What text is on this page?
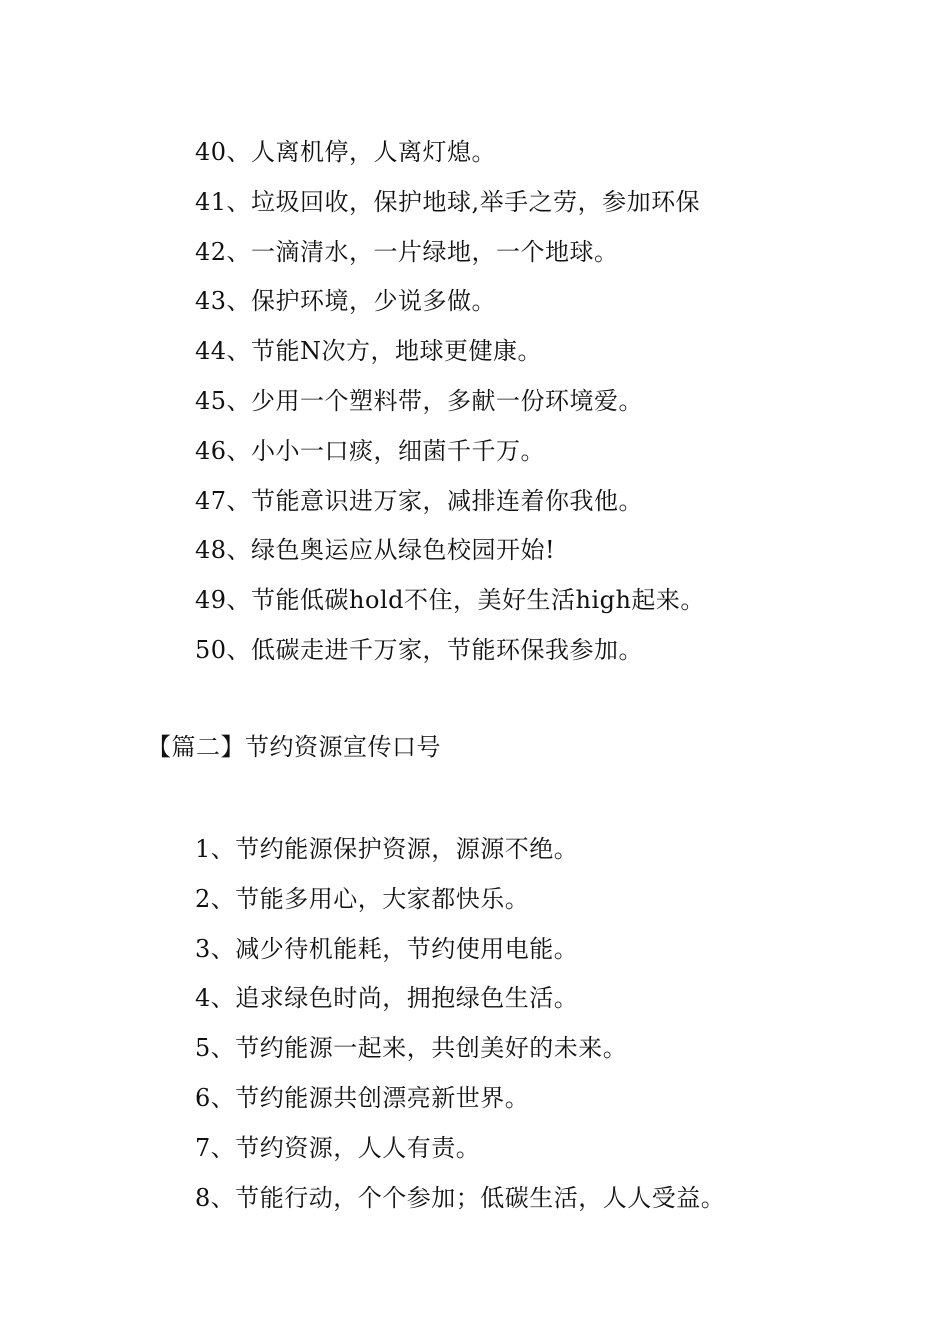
40、人离机停，人离灯熄。
41、垃圾回收，保护地球,举手之劳，参加环保
42、一滴清水，一片绿地，一个地球。
43、保护环境，少说多做。
44、节能N次方，地球更健康。
45、少用一个塑料带，多献一份环境爱。
46、小小一口痰，细菌千千万。
47、节能意识进万家，减排连着你我他。
48、绿色奥运应从绿色校园开始!
49、节能低碳hold不住，美好生活high起来。
50、低碳走进千万家，节能环保我参加。
【篇二】节约资源宣传口号
1、节约能源保护资源，源源不绝。
2、节能多用心，大家都快乐。
3、减少待机能耗，节约使用电能。
4、追求绿色时尚，拥抱绿色生活。
5、节约能源一起来，共创美好的未来。
6、节约能源共创漂亮新世界。
7、节约资源，人人有责。
8、节能行动，个个参加；低碳生活，人人受益。
